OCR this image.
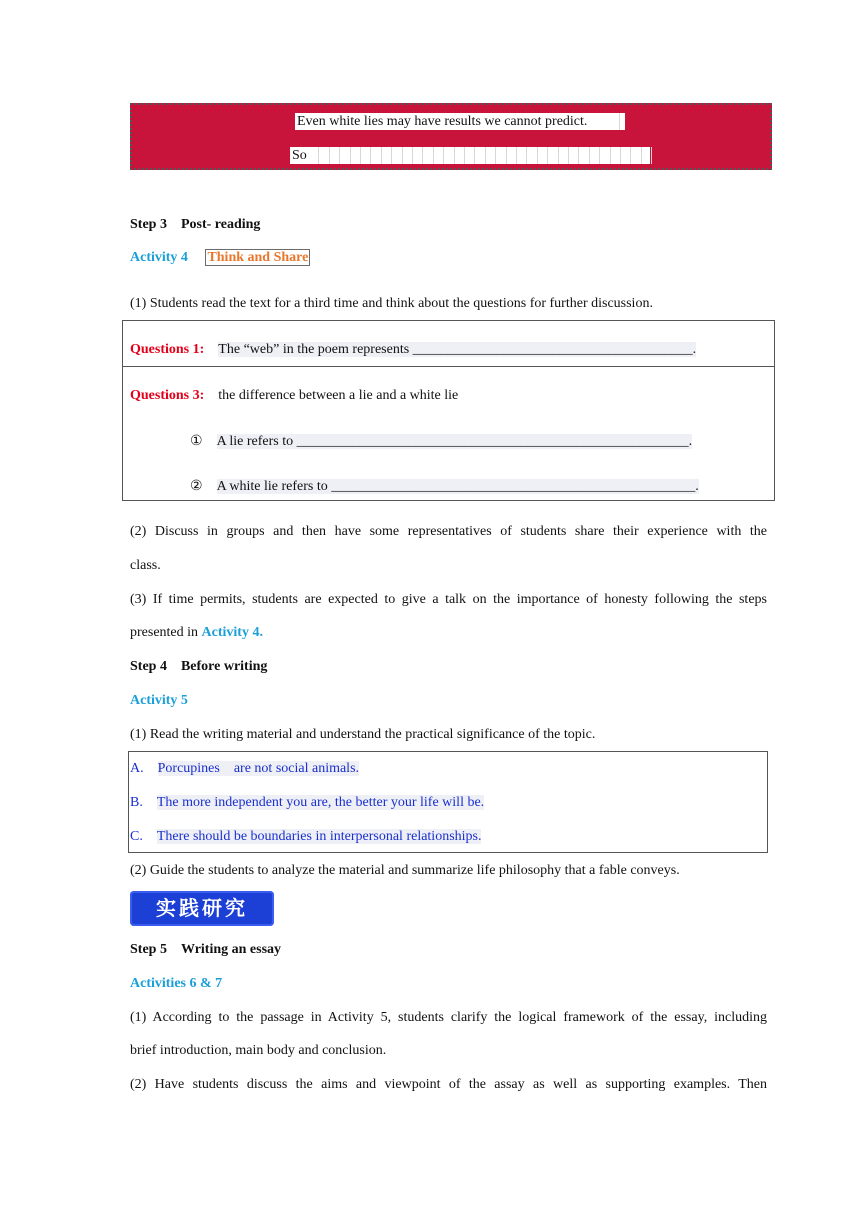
Even white lies may have results we cannot predict.
So
Step 3 Post- reading
Activity 4 Think and Share
(1) Students read the text for a third time and think about the questions for further discussion.
Questions 1: The “web” in the poem represents ________________________________________.
Questions 3: the difference between a lie and a white lie
① A lie refers to ________________________________________________________.
② A white lie refers to ____________________________________________________.
(2) Discuss in groups and then have some representatives of students share their experience with the
class.
(3) If time permits, students are expected to give a talk on the importance of honesty following the steps
presented in Activity 4.
Step 4 Before writing
Activity 5
(1) Read the writing material and understand the practical significance of the topic.
A. Porcupines    are not social animals.
B. The more independent you are, the better your life will be.
C. There should be boundaries in interpersonal relationships.
(2) Guide the students to analyze the material and summarize life philosophy that a fable conveys.
实践研究
Step 5 Writing an essay
Activities 6 & 7
(1) According to the passage in Activity 5, students clarify the logical framework of the essay, including
brief introduction, main body and conclusion.
(2) Have students discuss the aims and viewpoint of the assay as well as supporting examples. Then
